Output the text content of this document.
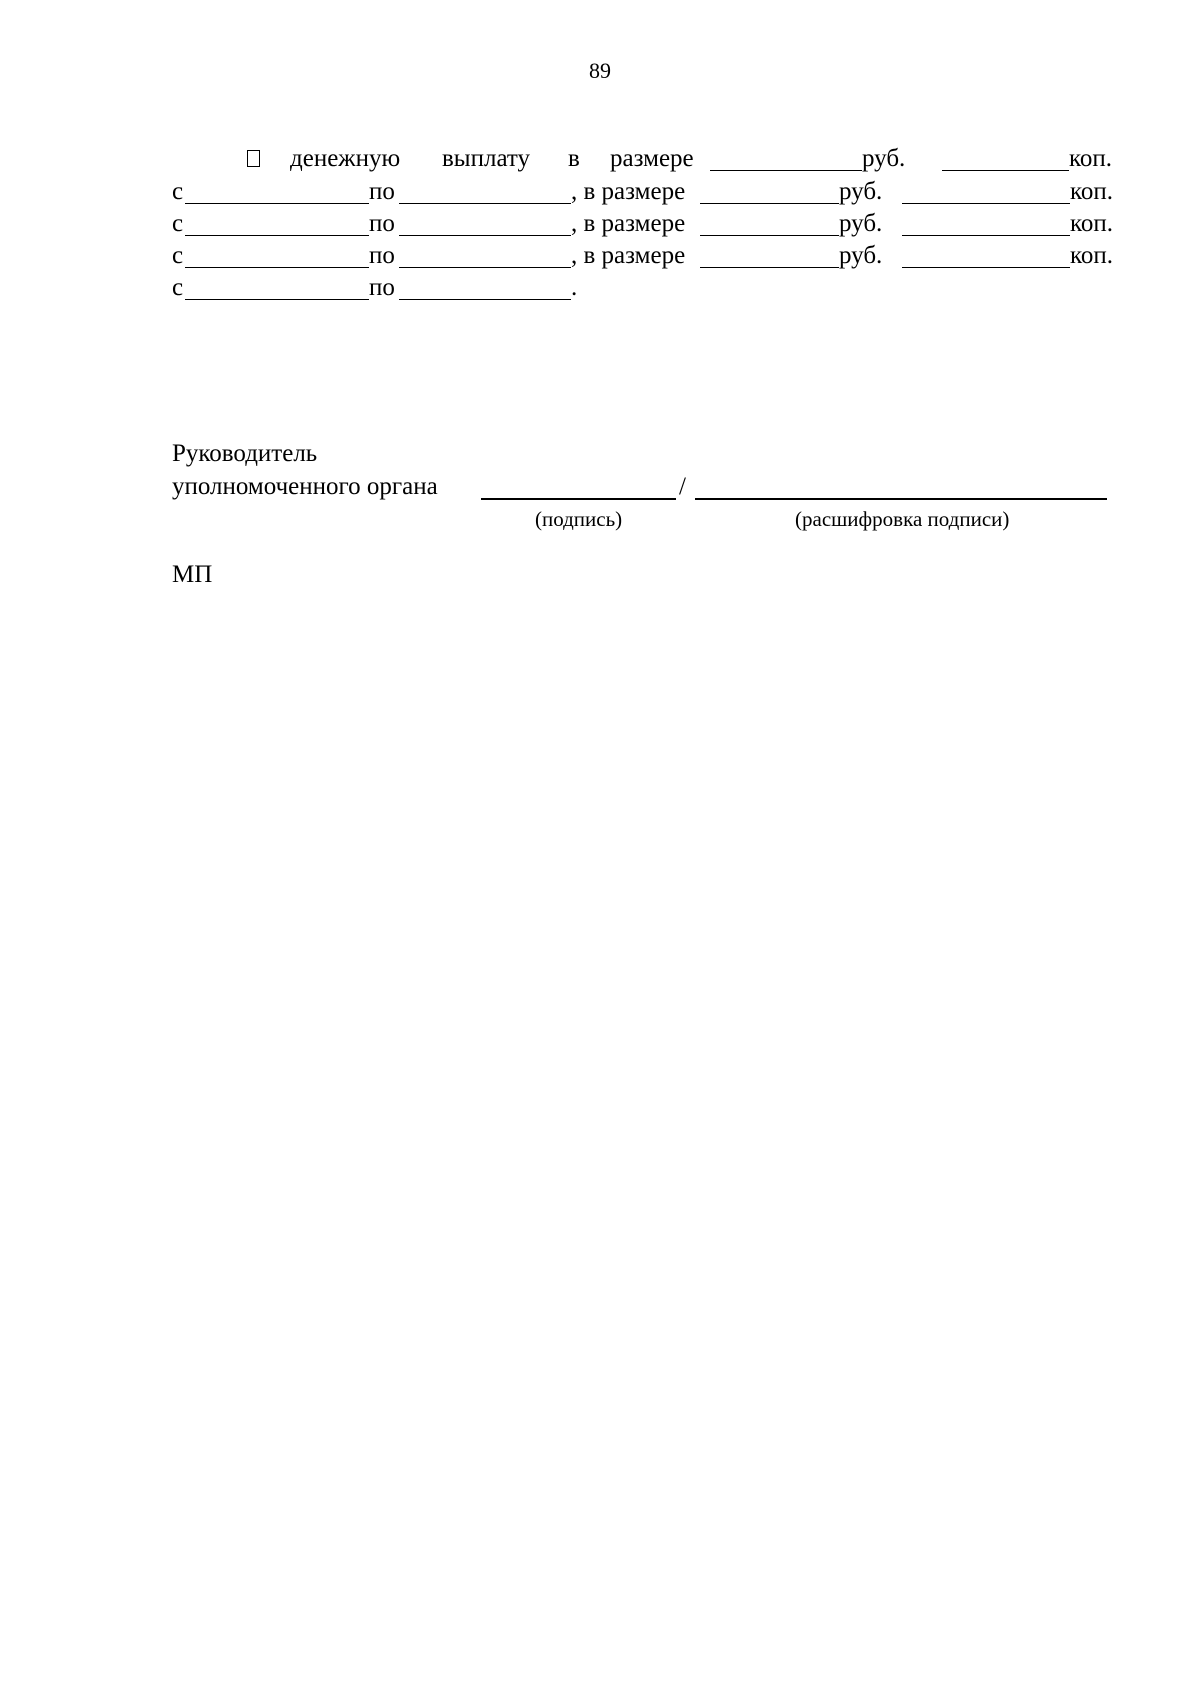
89
денежную выплату в размере	руб.	коп.
с	по	, в размере	руб.	коп.
с	по	, в размере	руб.	коп.
с	по	, в размере	руб.	коп.
с	по	.
Руководитель
уполномоченного органа	/
(подпись)	(расшифровка подписи)
МП
